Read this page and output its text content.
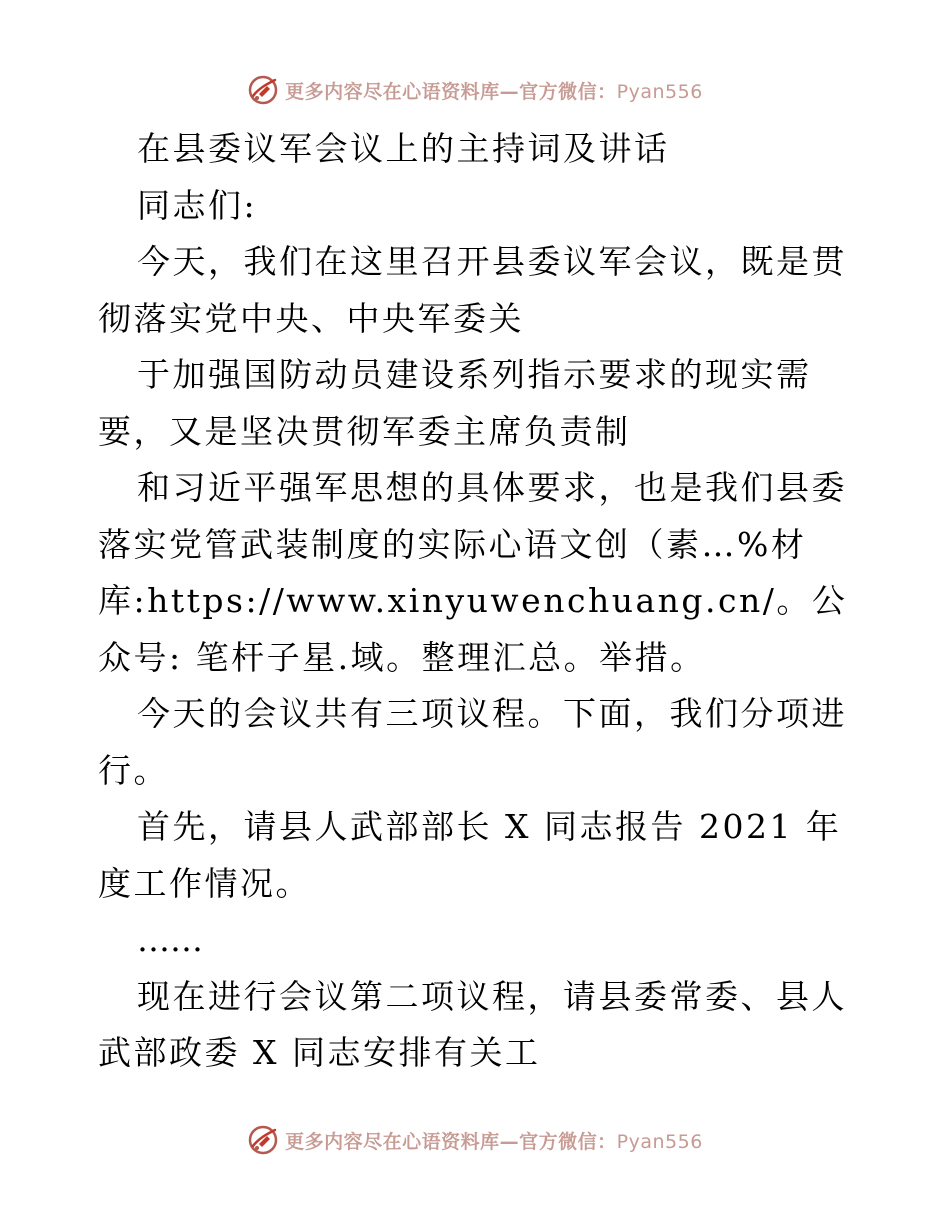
更多内容尽在心语资料库—官方微信：Pyan556

在县委议军会议上的主持词及讲话

同志们:

今天，我们在这里召开县委议军会议，既是贯彻落实党中央、中央军委关

于加强国防动员建设系列指示要求的现实需要，又是坚决贯彻军委主席负责制

和习近平强军思想的具体要求，也是我们县委落实党管武装制度的实际心语文创（素…%材库:https://www.xinyuwenchuang.cn/。公众号: 笔杆子星.域。整理汇总。举措。

今天的会议共有三项议程。下面，我们分项进行。

首先，请县人武部部长 X 同志报告 2021 年度工作情况。

……

现在进行会议第二项议程，请县委常委、县人武部政委 X 同志安排有关工

更多内容尽在心语资料库—官方微信：Pyan556
